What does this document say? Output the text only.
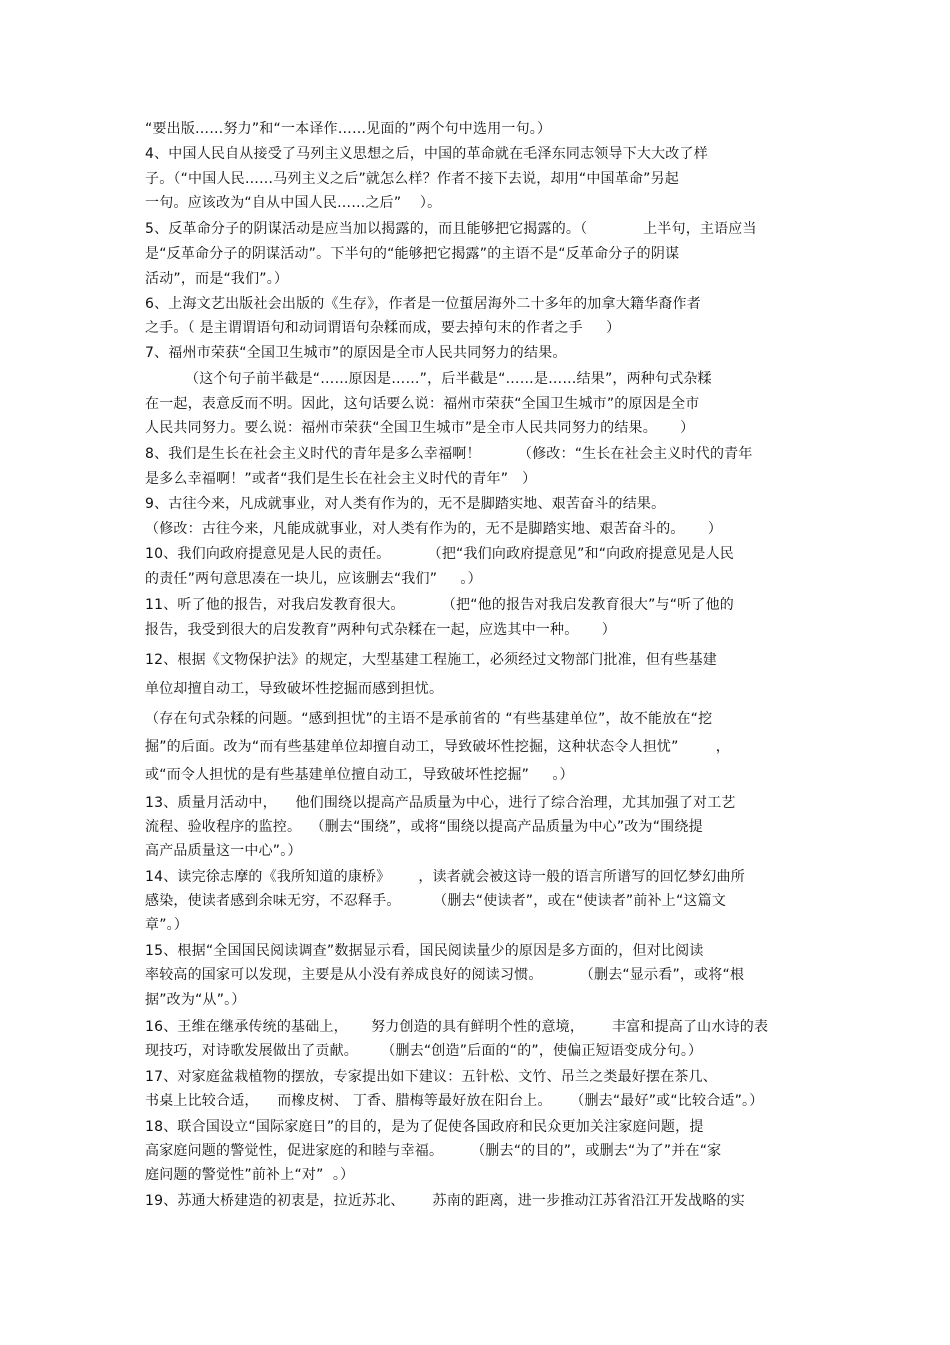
“要出版……努力”和“一本译作……见面的”两个句中选用一句。）
4、中国人民自从接受了马列主义思想之后，中国的革命就在毛泽东同志领导下大大改了样
子。（“中国人民……马列主义之后”就怎么样？作者不接下去说，却用“中国革命”另起
一句。应该改为“自从中国人民……之后”    ）。
5、反革命分子的阴谋活动是应当加以揭露的，而且能够把它揭露的。（            上半句，主语应当
是“反革命分子的阴谋活动”。下半句的“能够把它揭露”的主语不是“反革命分子的阴谋
活动”，而是“我们”。）
6、上海文艺出版社会出版的《生存》，作者是一位蜇居海外二十多年的加拿大籍华裔作者
之手。（ 是主谓谓语句和动词谓语句杂糅而成，要去掉句末的作者之手     ）
7、福州市荣获“全国卫生城市”的原因是全市人民共同努力的结果。
（这个句子前半截是“……原因是……”，后半截是“……是……结果”，两种句式杂糅
在一起，表意反而不明。因此，这句话要么说：福州市荣获“全国卫生城市”的原因是全市
人民共同努力。要么说：福州市荣获“全国卫生城市”是全市人民共同努力的结果。     ）
8、我们是生长在社会主义时代的青年是多么幸福啊！        （修改：“生长在社会主义时代的青年
是多么幸福啊！”或者“我们是生长在社会主义时代的青年”   ）
9、古往今来，凡成就事业，对人类有作为的，无不是脚踏实地、艰苦奋斗的结果。
（修改：古往今来，凡能成就事业，对人类有作为的，无不是脚踏实地、艰苦奋斗的。     ）
10、我们向政府提意见是人民的责任。        （把“我们向政府提意见”和“向政府提意见是人民
的责任”两句意思凑在一块儿，应该删去“我们”     。）
11、听了他的报告，对我启发教育很大。        （把“他的报告对我启发教育很大”与“听了他的
报告，我受到很大的启发教育”两种句式杂糅在一起，应选其中一种。     ）
12、根据《文物保护法》的规定，大型基建工程施工，必须经过文物部门批准，但有些基建
单位却擅自动工，导致破坏性挖掘而感到担忧。
（存在句式杂糅的问题。“感到担忧”的主语不是承前省的 “有些基建单位”，故不能放在“挖
掘”的后面。改为“而有些基建单位却擅自动工，导致破坏性挖掘，这种状态令人担忧”        ，
或“而令人担忧的是有些基建单位擅自动工，导致破坏性挖掘”     。）
13、质量月活动中，    他们围绕以提高产品质量为中心，进行了综合治理，尤其加强了对工艺
流程、验收程序的监控。  （删去“围绕”，或将“围绕以提高产品质量为中心”改为“围绕提
高产品质量这一中心”。）
14、读完徐志摩的《我所知道的康桥》      ，读者就会被这诗一般的语言所谱写的回忆梦幻曲所
感染，使读者感到余味无穷，不忍释手。       （删去“使读者”，或在“使读者”前补上“这篇文
章”。）
15、根据“全国国民阅读调查”数据显示看，国民阅读量少的原因是多方面的，但对比阅读
率较高的国家可以发现，主要是从小没有养成良好的阅读习惯。        （删去“显示看”，或将“根
据”改为“从”。）
16、王维在继承传统的基础上，     努力创造的具有鲜明个性的意境，      丰富和提高了山水诗的表
现技巧，对诗歌发展做出了贡献。     （删去“创造”后面的“的”，使偏正短语变成分句。）
17、对家庭盆栽植物的摆放，专家提出如下建议：五针松、文竹、吊兰之类最好摆在茶几、
书桌上比较合适，    而橡皮树、 丁香、腊梅等最好放在阳台上。    （删去“最好”或“比较合适”。）
18、联合国设立“国际家庭日”的目的，是为了促使各国政府和民众更加关注家庭问题，提
高家庭问题的警觉性，促进家庭的和睦与幸福。      （删去“的目的”，或删去“为了”并在“家
庭问题的警觉性”前补上“对”  。）
19、苏通大桥建造的初衷是，拉近苏北、      苏南的距离，进一步推动江苏省沿江开发战略的实
